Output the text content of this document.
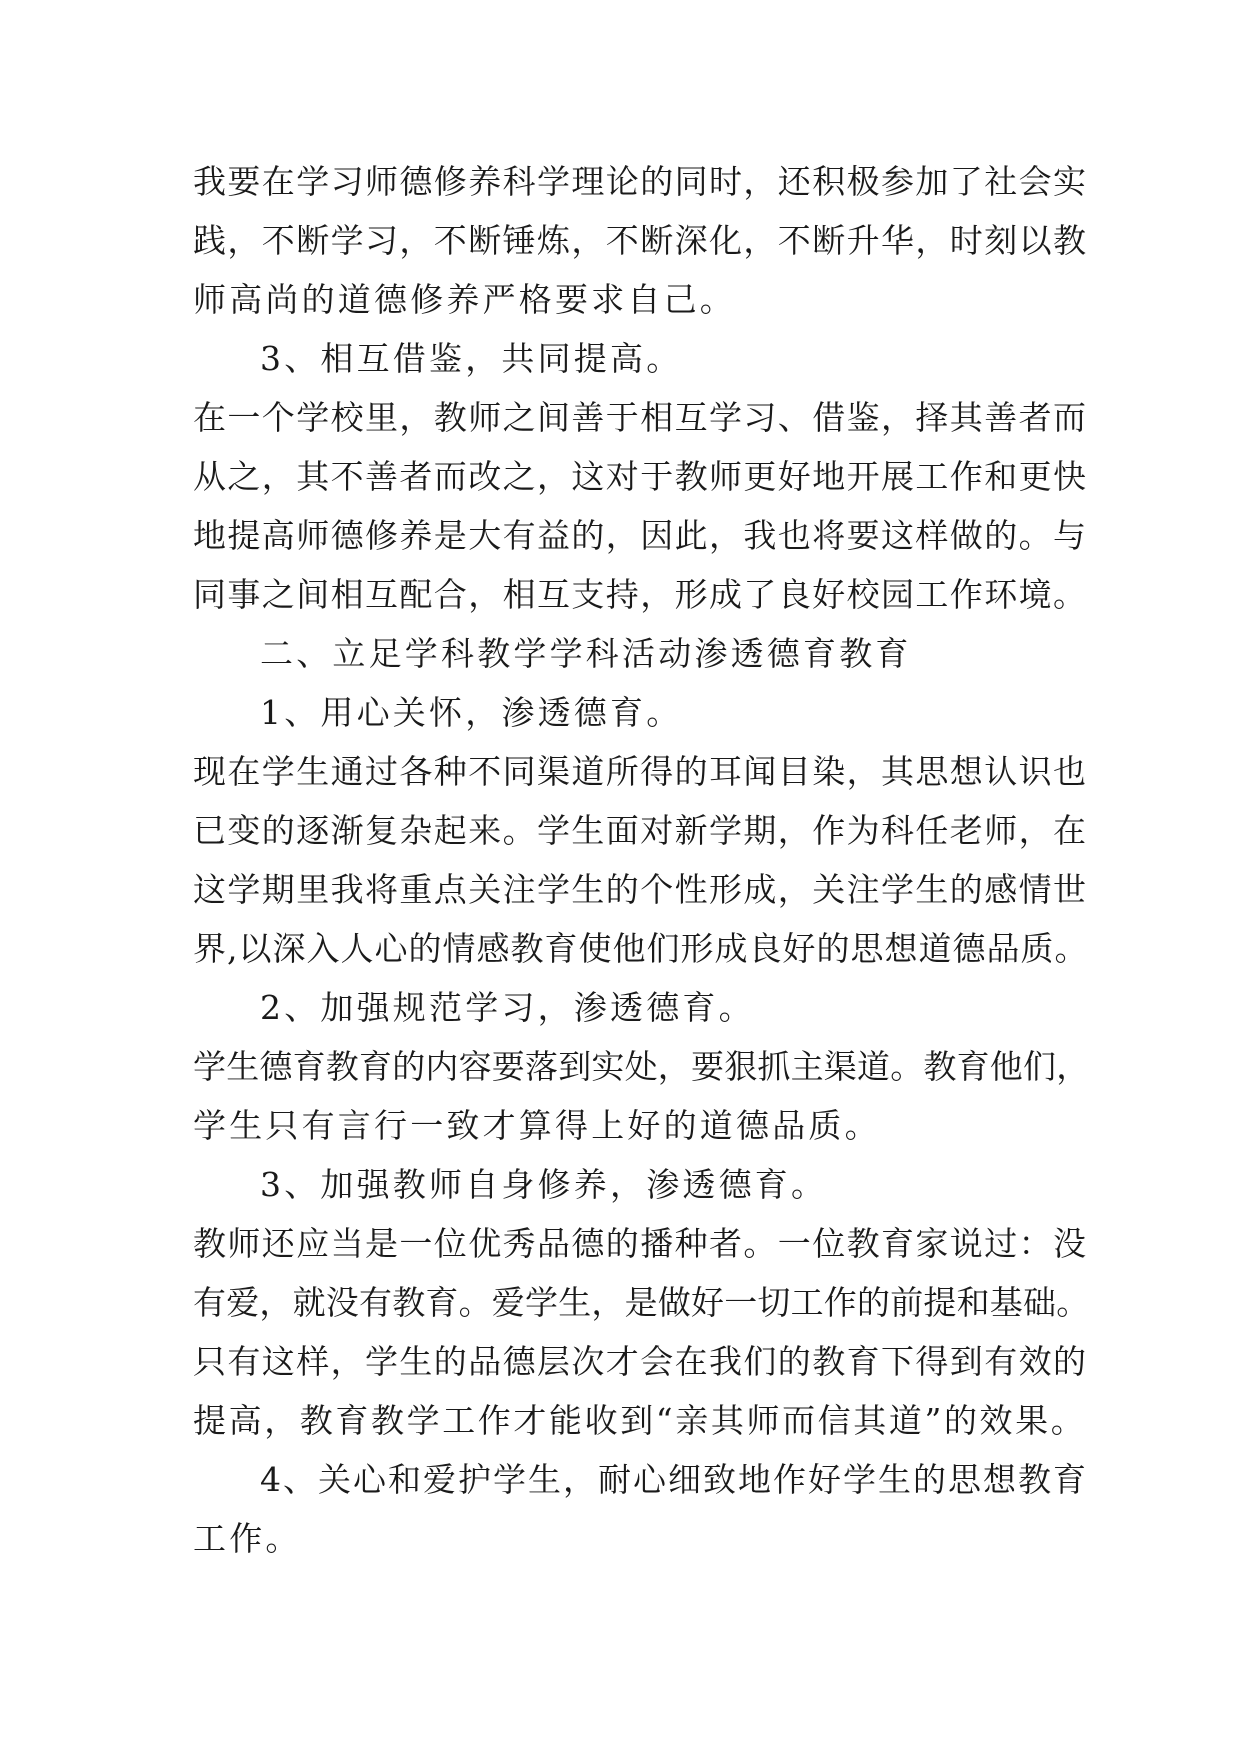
我要在学习师德修养科学理论的同时，还积极参加了社会实
践，不断学习，不断锤炼，不断深化，不断升华，时刻以教
师高尚的道德修养严格要求自己。
3、相互借鉴，共同提高。
在一个学校里，教师之间善于相互学习、借鉴，择其善者而
从之，其不善者而改之，这对于教师更好地开展工作和更快
地提高师德修养是大有益的，因此，我也将要这样做的。与
同事之间相互配合，相互支持，形成了良好校园工作环境。
二、立足学科教学学科活动渗透德育教育
1、用心关怀，渗透德育。
现在学生通过各种不同渠道所得的耳闻目染，其思想认识也
已变的逐渐复杂起来。学生面对新学期，作为科任老师，在
这学期里我将重点关注学生的个性形成，关注学生的感情世
界,以深入人心的情感教育使他们形成良好的思想道德品质。
2、加强规范学习，渗透德育。
学生德育教育的内容要落到实处，要狠抓主渠道。教育他们，
学生只有言行一致才算得上好的道德品质。
3、加强教师自身修养，渗透德育。
教师还应当是一位优秀品德的播种者。一位教育家说过：没
有爱，就没有教育。爱学生，是做好一切工作的前提和基础。
只有这样，学生的品德层次才会在我们的教育下得到有效的
提高，教育教学工作才能收到“亲其师而信其道”的效果。
4、关心和爱护学生，耐心细致地作好学生的思想教育
工作。
